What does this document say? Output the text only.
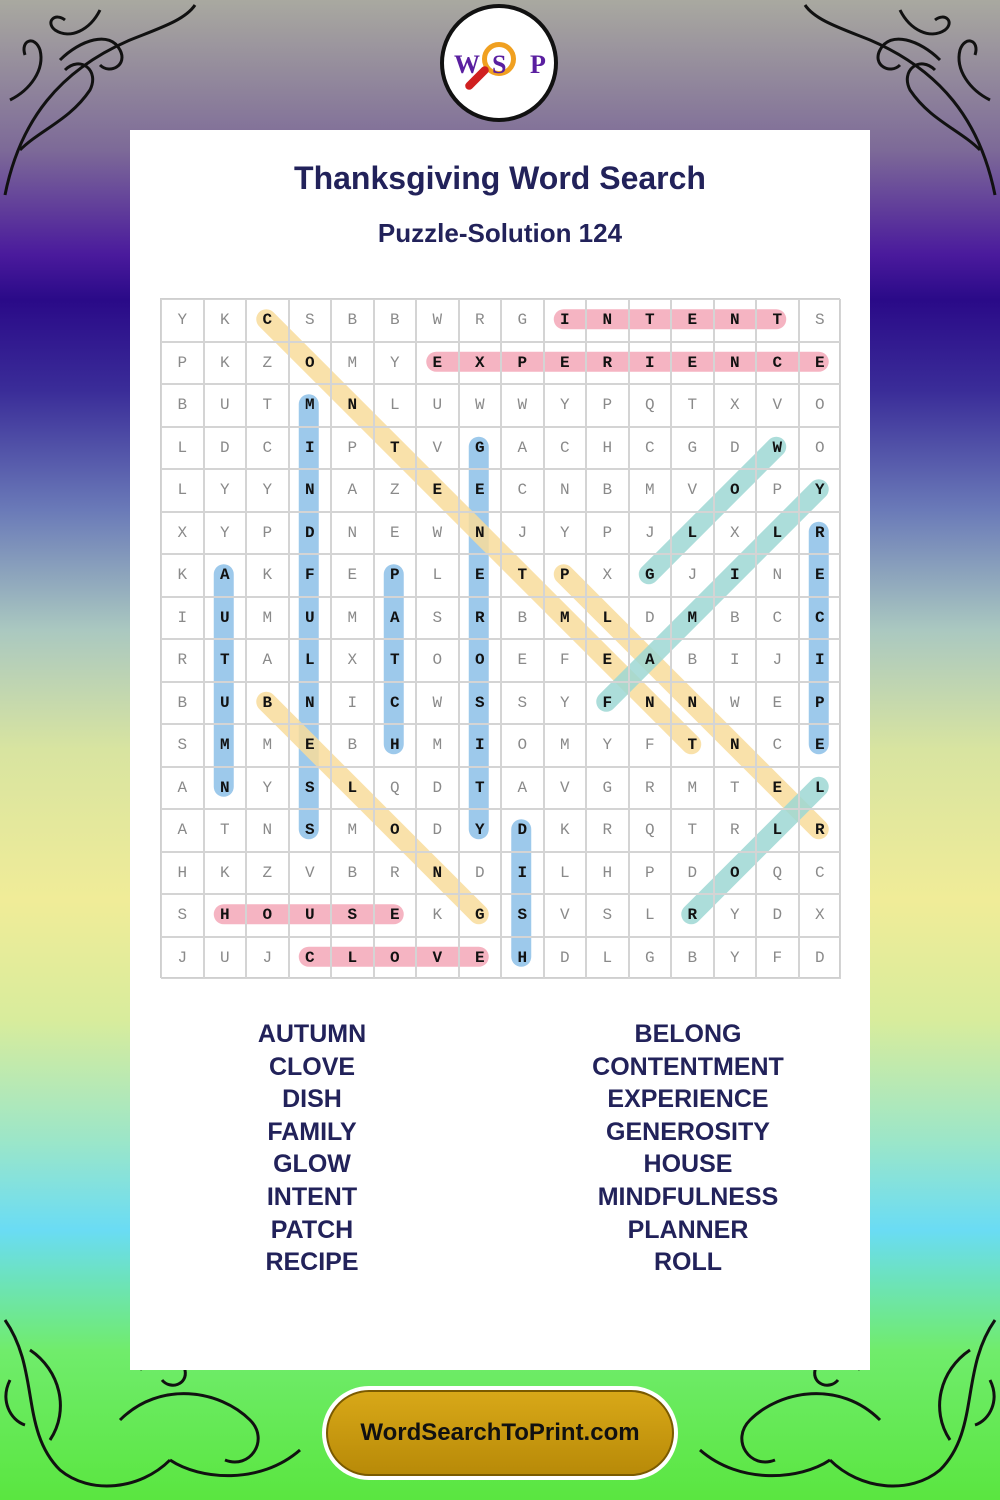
W S P
Thanksgiving Word Search
Puzzle-Solution 124
Y	K	C	S	B	B	W	R	G	I	N	T	E	N	T	S
P	K	Z	O	M	Y	E	X	P	E	R	I	E	N	C	E
B	U	T	M	N	L	U	W	W	Y	P	Q	T	X	V	O
L	D	C	I	P	T	V	G	A	C	H	C	G	D	W	O
L	Y	Y	N	A	Z	E	E	C	N	B	M	V	O	P	Y
X	Y	P	D	N	E	W	N	J	Y	P	J	L	X	L	R
K	A	K	F	E	P	L	E	T	P	X	G	J	I	N	E
I	U	M	U	M	A	S	R	B	M	L	D	M	B	C	C
R	T	A	L	X	T	O	O	E	F	E	A	B	I	J	I
B	U	B	N	I	C	W	S	S	Y	F	N	N	W	E	P
S	M	M	E	B	H	M	I	O	M	Y	F	T	N	C	E
A	N	Y	S	L	Q	D	T	A	V	G	R	M	T	E	L
A	T	N	S	M	O	D	Y	D	K	R	Q	T	R	L	R
H	K	Z	V	B	R	N	D	I	L	H	P	D	O	Q	C
S	H	O	U	S	E	K	G	S	V	S	L	R	Y	D	X
J	U	J	C	L	O	V	E	H	D	L	G	B	Y	F	D
AUTUMN
CLOVE
DISH
FAMILY
GLOW
INTENT
PATCH
RECIPE
BELONG
CONTENTMENT
EXPERIENCE
GENEROSITY
HOUSE
MINDFULNESS
PLANNER
ROLL
WordSearchToPrint.com
